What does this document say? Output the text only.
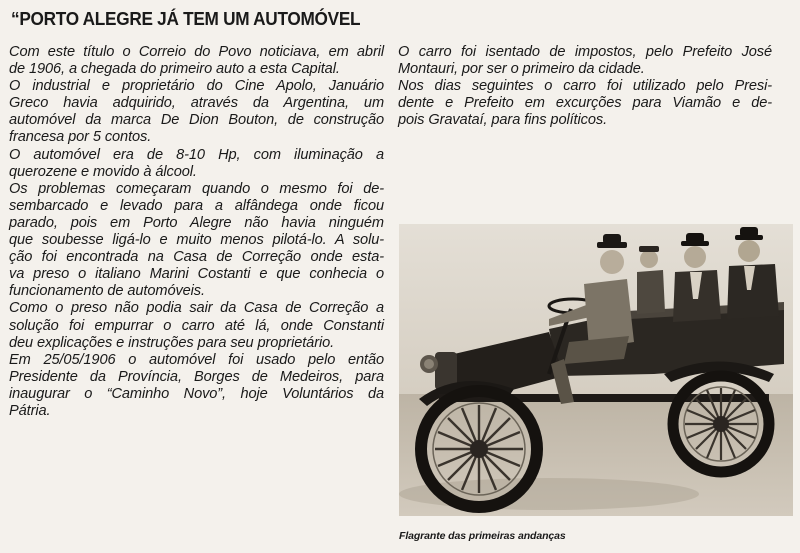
“PORTO ALEGRE JÁ TEM UM AUTOMÓVEL
Com este título o Correio do Povo noticiava, em abril
de 1906, a chegada do primeiro auto a esta Capital.
O industrial e proprietário do Cine Apolo, Januário
Greco havia adquirido, através da Argentina, um
automóvel da marca De Dion Bouton, de construção
francesa por 5 contos.
O automóvel era de 8-10 Hp, com iluminação a
querozene e movido à álcool.
Os problemas começaram quando o mesmo foi de-
sembarcado e levado para a alfândega onde ficou
parado, pois em Porto Alegre não havia ninguém
que soubesse ligá-lo e muito menos pilotá-lo. A solu-
ção foi encontrada na Casa de Correção onde esta-
va preso o italiano Marini Costanti e que conhecia o
funcionamento de automóveis.
Como o preso não podia sair da Casa de Correção a
solução foi empurrar o carro até lá, onde Constanti
deu explicações e instruções para seu proprietário.
Em 25/05/1906 o automóvel foi usado pelo então
Presidente da Província, Borges de Medeiros, para
inaugurar o “Caminho Novo”, hoje Voluntários da
Pátria.
O carro foi isentado de impostos, pelo Prefeito José
Montauri, por ser o primeiro da cidade.
Nos dias seguintes o carro foi utilizado pelo Presi-
dente e Prefeito em excurções para Viamão e de-
pois Gravataí, para fins políticos.
Flagrante das primeiras andanças
